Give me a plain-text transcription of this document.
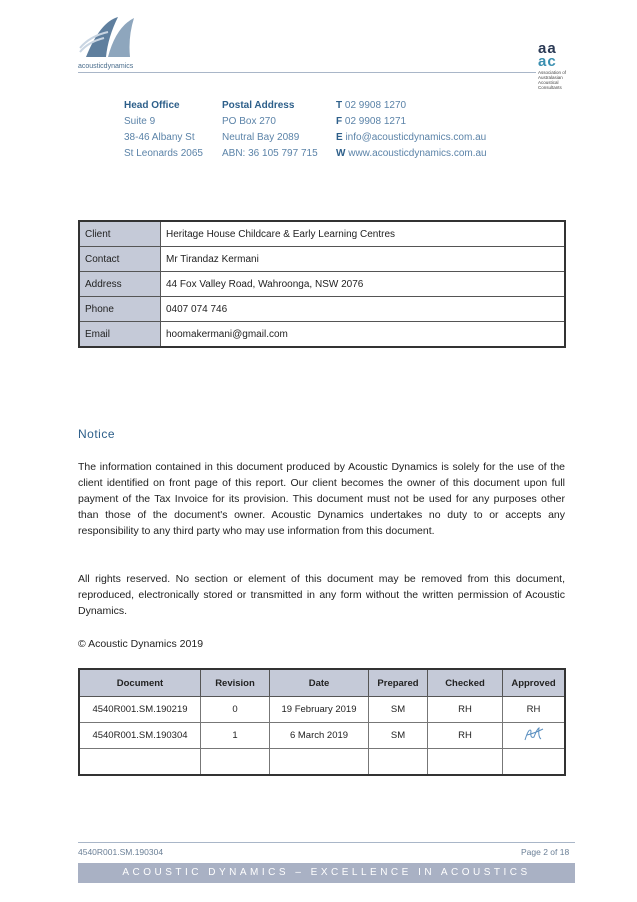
acousticdynamics
aa
ac
Association of Australasian Acoustical Consultants
Head Office
Suite 9
38-46 Albany St
St Leonards 2065
Postal Address
PO Box 270
Neutral Bay 2089
ABN: 36 105 797 715
T 02 9908 1270
F 02 9908 1271
E info@acousticdynamics.com.au
W www.acousticdynamics.com.au
Client	Heritage House Childcare & Early Learning Centres
Contact	Mr Tirandaz Kermani
Address	44 Fox Valley Road, Wahroonga, NSW 2076
Phone	0407 074 746
Email	hoomakermani@gmail.com
Notice
The information contained in this document produced by Acoustic Dynamics is solely for the use of the client identified on front page of this report. Our client becomes the owner of this document upon full payment of the Tax Invoice for its provision. This document must not be used for any purposes other than those of the document's owner. Acoustic Dynamics undertakes no duty to or accepts any responsibility to any third party who may use information from this document.
All rights reserved. No section or element of this document may be removed from this document, reproduced, electronically stored or transmitted in any form without the written permission of Acoustic Dynamics.
© Acoustic Dynamics 2019
Document	Revision	Date	Prepared	Checked	Approved
4540R001.SM.190219	0	19 February 2019	SM	RH	RH
4540R001.SM.190304	1	6 March 2019	SM	RH	

4540R001.SM.190304	Page 2 of 18
ACOUSTIC DYNAMICS – EXCELLENCE IN ACOUSTICS
